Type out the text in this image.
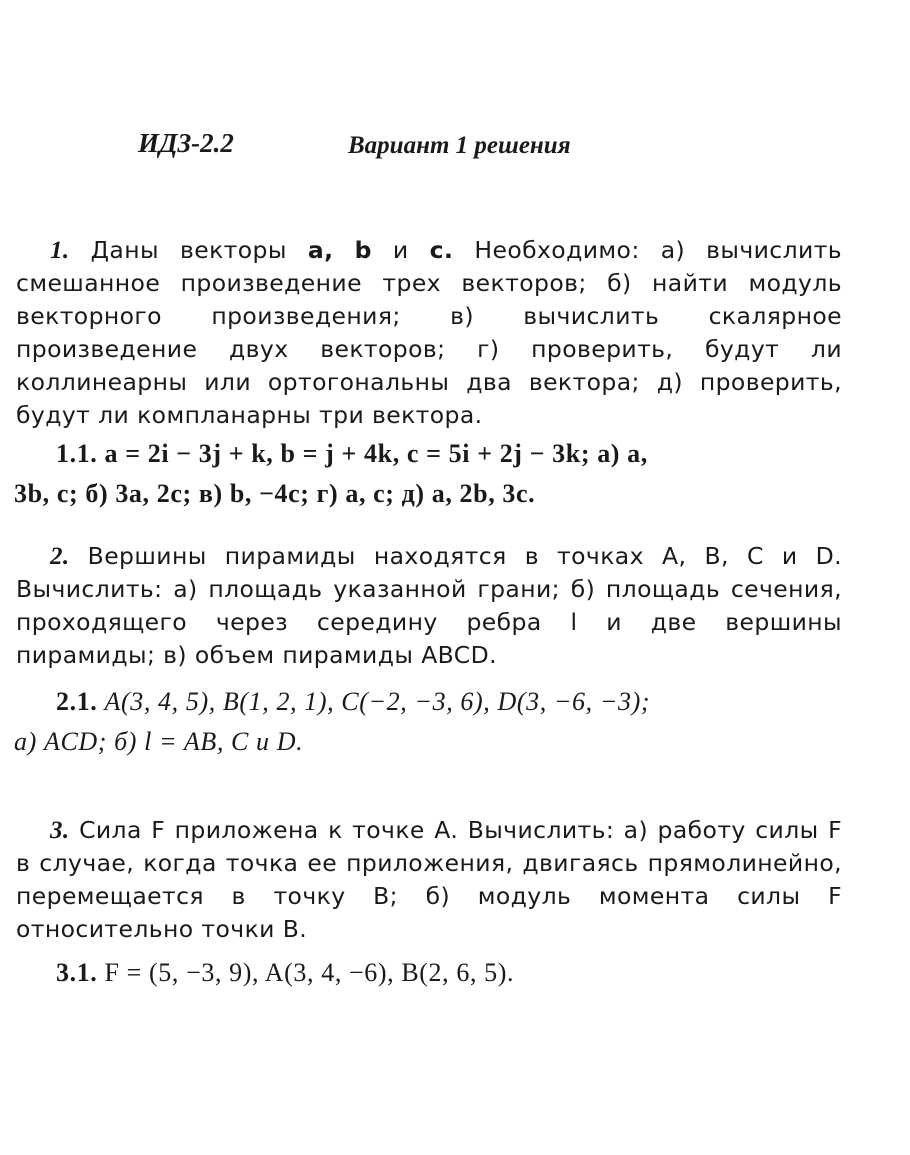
ИДЗ-2.2	Вариант 1 решения
1. Даны векторы a, b и c. Необходимо: а) вычислить смешанное произведение трех векторов; б) найти модуль векторного произведения; в) вычислить скалярное произведение двух векторов; г) проверить, будут ли коллинеарны или ортогональны два вектора; д) проверить, будут ли компланарны три вектора.
1.1. a = 2i − 3j + k, b = j + 4k, c = 5i + 2j − 3k; а) a,
3b, c; б) 3a, 2c; в) b, −4c; г) a, c; д) a, 2b, 3c.
2. Вершины пирамиды находятся в точках A, B, C и D. Вычислить: а) площадь указанной грани; б) площадь сечения, проходящего через середину ребра l и две вершины пирамиды; в) объем пирамиды ABCD.
2.1. A(3, 4, 5), B(1, 2, 1), C(−2, −3, 6), D(3, −6, −3);
а) ACD; б) l = AB, C и D.
3. Сила F приложена к точке A. Вычислить: а) работу силы F в случае, когда точка ее приложения, двигаясь прямолинейно, перемещается в точку B; б) модуль момента силы F относительно точки B.
3.1. F = (5, −3, 9), A(3, 4, −6), B(2, 6, 5).
